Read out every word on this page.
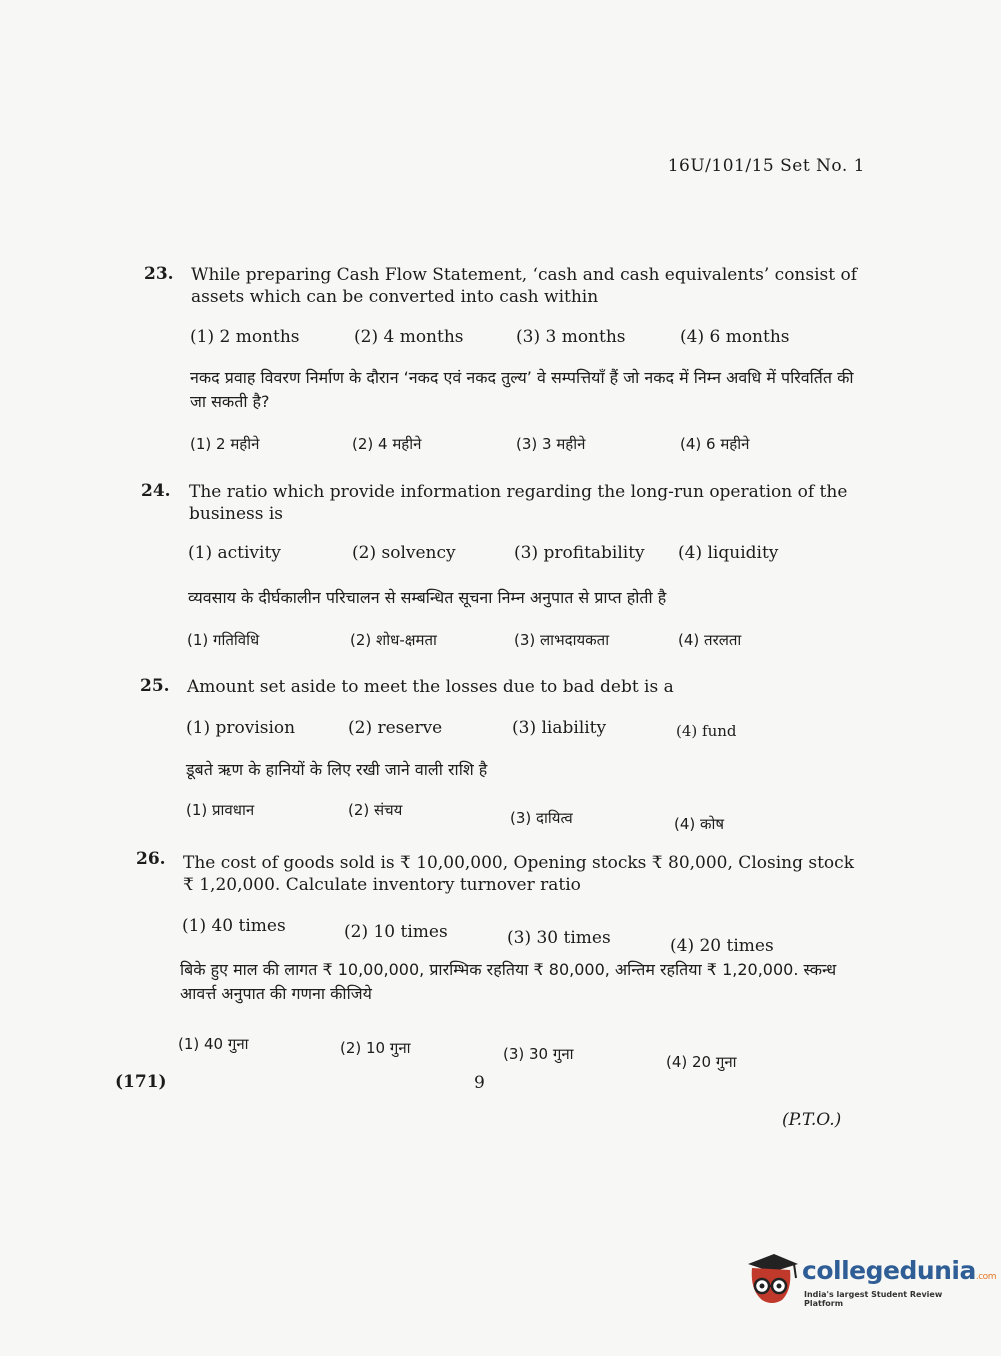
16U/101/15 Set No. 1
23. While preparing Cash Flow Statement, ‘cash and cash equivalents’ consist of assets which can be converted into cash within
(1) 2 months	(2) 4 months	(3) 3 months	(4) 6 months
नकद प्रवाह विवरण निर्माण के दौरान ‘नकद एवं नकद तुल्य’ वे सम्पत्तियाँ हैं जो नकद में निम्न अवधि में परिवर्तित की जा सकती है?
(1) 2 महीने	(2) 4 महीने	(3) 3 महीने	(4) 6 महीने
24. The ratio which provide information regarding the long-run operation of the business is
(1) activity	(2) solvency	(3) profitability (4) liquidity
व्यवसाय के दीर्घकालीन परिचालन से सम्बन्धित सूचना निम्न अनुपात से प्राप्त होती है
(1) गतिविधि	(2) शोध-क्षमता	(3) लाभदायकता	(4) तरलता
25. Amount set aside to meet the losses due to bad debt is a
(1) provision	(2) reserve	(3) liability	(4) fund
डूबते ऋण के हानियों के लिए रखी जाने वाली राशि है
(1) प्रावधान	(2) संचय	(3) दायित्व	(4) कोष
26. The cost of goods sold is ₹ 10,00,000, Opening stocks ₹ 80,000, Closing stock ₹ 1,20,000. Calculate inventory turnover ratio
(1) 40 times	(2) 10 times	(3) 30 times	(4) 20 times
बिके हुए माल की लागत ₹ 10,00,000, प्रारम्भिक रहतिया ₹ 80,000, अन्तिम रहतिया ₹ 1,20,000. स्कन्ध आवर्त्त अनुपात की गणना कीजिये
(1) 40 गुना	(2) 10 गुना	(3) 30 गुना	(4) 20 गुना
(171)	9
(P.T.O.)
collegedunia.com
India's largest Student Review Platform
